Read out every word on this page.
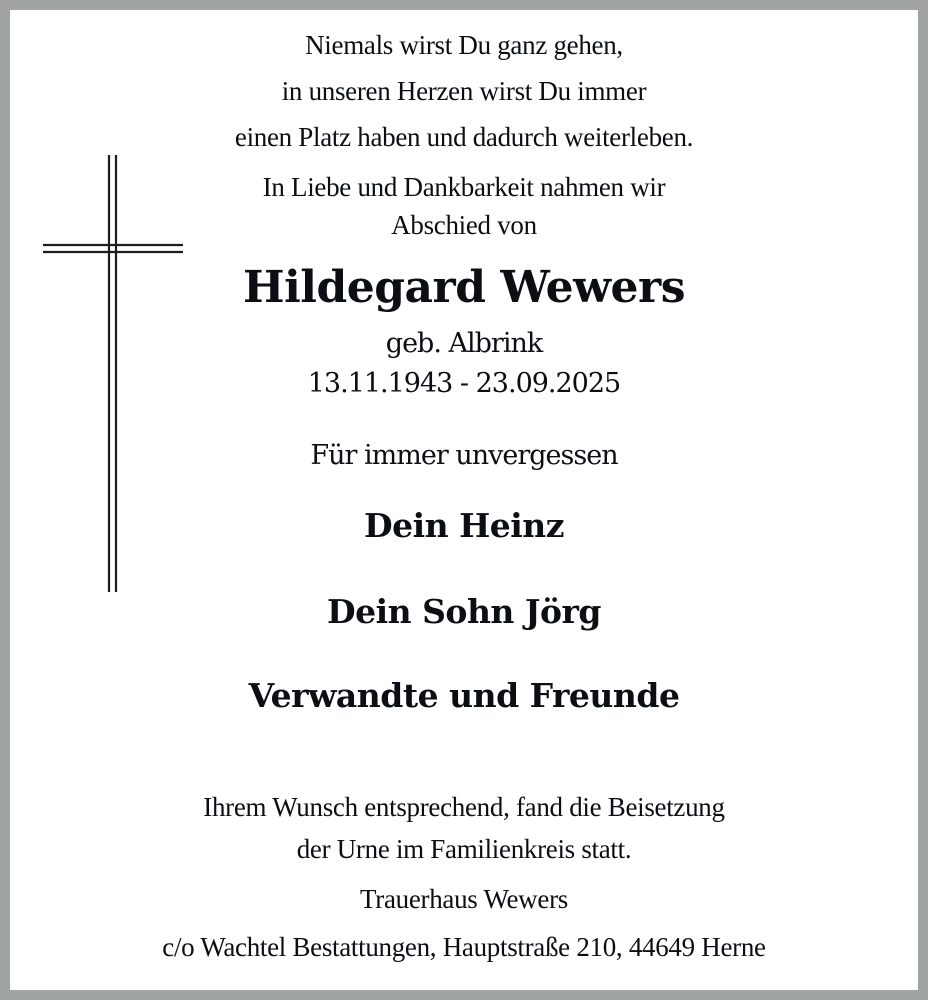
Niemals wirst Du ganz gehen,
in unseren Herzen wirst Du immer
einen Platz haben und dadurch weiterleben.
In Liebe und Dankbarkeit nahmen wir
Abschied von
Hildegard Wewers
geb. Albrink
13.11.1943 - 23.09.2025
Für immer unvergessen
Dein Heinz
Dein Sohn Jörg
Verwandte und Freunde
Ihrem Wunsch entsprechend, fand die Beisetzung
der Urne im Familienkreis statt.
Trauerhaus Wewers
c/o Wachtel Bestattungen, Hauptstraße 210, 44649 Herne
